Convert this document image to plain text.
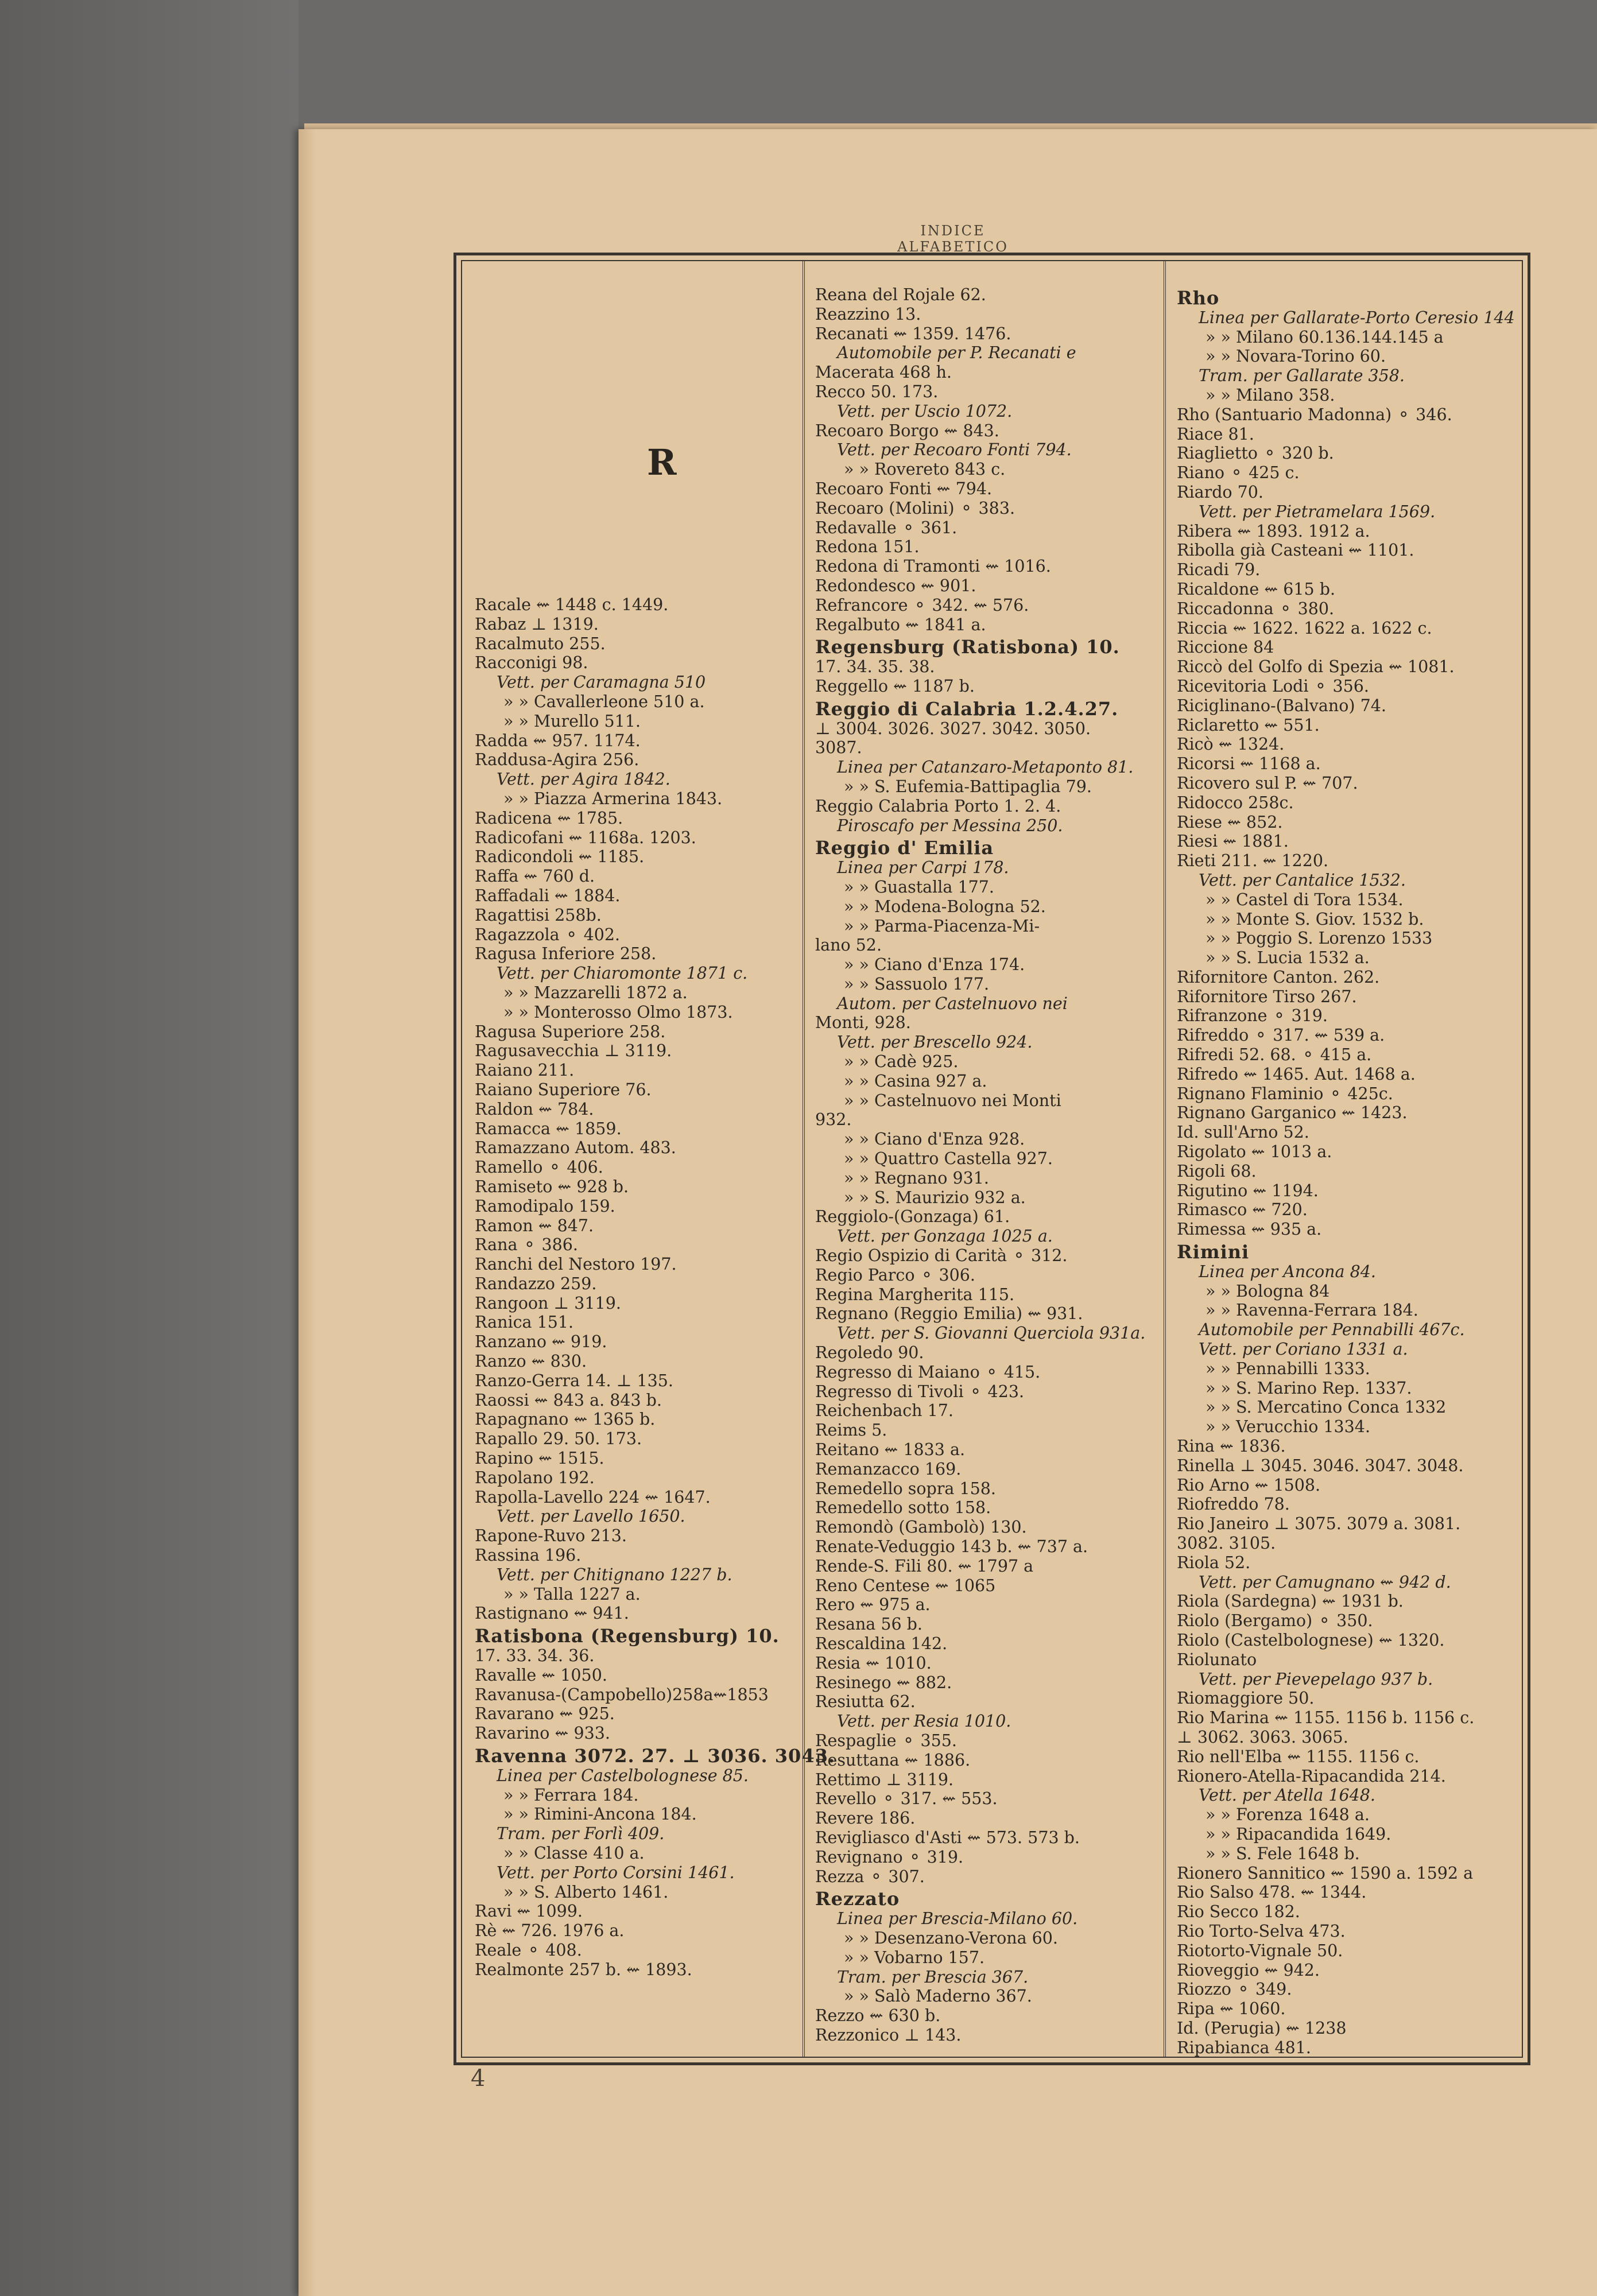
INDICE ALFABETICO
R
Racale ⇜ 1448 c. 1449.
Rabaz ⊥ 1319.
Racalmuto 255.
Racconigi 98.
Vett. per Caramagna 510
» » Cavallerleone 510 a.
» » Murello 511.
Radda ⇜ 957. 1174.
Raddusa-Agira 256.
Vett. per Agira 1842.
» » Piazza Armerina 1843.
Radicena ⇜ 1785.
Radicofani ⇜ 1168a. 1203.
Radicondoli ⇜ 1185.
Raffa ⇜ 760 d.
Raffadali ⇜ 1884.
Ragattisi 258b.
Ragazzola ⚬ 402.
Ragusa Inferiore 258.
Vett. per Chiaromonte 1871 c.
» » Mazzarelli 1872 a.
» » Monterosso Olmo 1873.
Ragusa Superiore 258.
Ragusavecchia ⊥ 3119.
Raiano 211.
Raiano Superiore 76.
Raldon ⇜ 784.
Ramacca ⇜ 1859.
Ramazzano Autom. 483.
Ramello ⚬ 406.
Ramiseto ⇜ 928 b.
Ramodipalo 159.
Ramon ⇜ 847.
Rana ⚬ 386.
Ranchi del Nestoro 197.
Randazzo 259.
Rangoon ⊥ 3119.
Ranica 151.
Ranzano ⇜ 919.
Ranzo ⇜ 830.
Ranzo-Gerra 14. ⊥ 135.
Raossi ⇜ 843 a. 843 b.
Rapagnano ⇜ 1365 b.
Rapallo 29. 50. 173.
Rapino ⇜ 1515.
Rapolano 192.
Rapolla-Lavello 224 ⇜ 1647.
Vett. per Lavello 1650.
Rapone-Ruvo 213.
Rassina 196.
Vett. per Chitignano 1227 b.
» » Talla 1227 a.
Rastignano ⇜ 941.
Ratisbona (Regensburg) 10.
17. 33. 34. 36.
Ravalle ⇜ 1050.
Ravanusa-(Campobello)258a⇜1853
Ravarano ⇜ 925.
Ravarino ⇜ 933.
Ravenna 3072. 27. ⊥ 3036. 3043.
Linea per Castelbolognese 85.
» » Ferrara 184.
» » Rimini-Ancona 184.
Tram. per Forlì 409.
» » Classe 410 a.
Vett. per Porto Corsini 1461.
» » S. Alberto 1461.
Ravi ⇜ 1099.
Rè ⇜ 726. 1976 a.
Reale ⚬ 408.
Realmonte 257 b. ⇜ 1893.
Reana del Rojale 62.
Reazzino 13.
Recanati ⇜ 1359. 1476.
Automobile per P. Recanati e
Macerata 468 h.
Recco 50. 173.
Vett. per Uscio 1072.
Recoaro Borgo ⇜ 843.
Vett. per Recoaro Fonti 794.
» » Rovereto 843 c.
Recoaro Fonti ⇜ 794.
Recoaro (Molini) ⚬ 383.
Redavalle ⚬ 361.
Redona 151.
Redona di Tramonti ⇜ 1016.
Redondesco ⇜ 901.
Refrancore ⚬ 342. ⇜ 576.
Regalbuto ⇜ 1841 a.
Regensburg (Ratisbona) 10.
17. 34. 35. 38.
Reggello ⇜ 1187 b.
Reggio di Calabria 1.2.4.27.
⊥ 3004. 3026. 3027. 3042. 3050.
3087.
Linea per Catanzaro-Metaponto 81.
» » S. Eufemia-Battipaglia 79.
Reggio Calabria Porto 1. 2. 4.
Piroscafo per Messina 250.
Reggio d' Emilia
Linea per Carpi 178.
» » Guastalla 177.
» » Modena-Bologna 52.
» » Parma-Piacenza-Mi-
lano 52.
» » Ciano d'Enza 174.
» » Sassuolo 177.
Autom. per Castelnuovo nei
Monti, 928.
Vett. per Brescello 924.
» » Cadè 925.
» » Casina 927 a.
» » Castelnuovo nei Monti
932.
» » Ciano d'Enza 928.
» » Quattro Castella 927.
» » Regnano 931.
» » S. Maurizio 932 a.
Reggiolo-(Gonzaga) 61.
Vett. per Gonzaga 1025 a.
Regio Ospizio di Carità ⚬ 312.
Regio Parco ⚬ 306.
Regina Margherita 115.
Regnano (Reggio Emilia) ⇜ 931.
Vett. per S. Giovanni Querciola 931a.
Regoledo 90.
Regresso di Maiano ⚬ 415.
Regresso di Tivoli ⚬ 423.
Reichenbach 17.
Reims 5.
Reitano ⇜ 1833 a.
Remanzacco 169.
Remedello sopra 158.
Remedello sotto 158.
Remondò (Gambolò) 130.
Renate-Veduggio 143 b. ⇜ 737 a.
Rende-S. Fili 80. ⇜ 1797 a
Reno Centese ⇜ 1065
Rero ⇜ 975 a.
Resana 56 b.
Rescaldina 142.
Resia ⇜ 1010.
Resinego ⇜ 882.
Resiutta 62.
Vett. per Resia 1010.
Respaglie ⚬ 355.
Resuttana ⇜ 1886.
Rettimo ⊥ 3119.
Revello ⚬ 317. ⇜ 553.
Revere 186.
Revigliasco d'Asti ⇜ 573. 573 b.
Revignano ⚬ 319.
Rezza ⚬ 307.
Rezzato
Linea per Brescia-Milano 60.
» » Desenzano-Verona 60.
» » Vobarno 157.
Tram. per Brescia 367.
» » Salò Maderno 367.
Rezzo ⇜ 630 b.
Rezzonico ⊥ 143.
Rho
Linea per Gallarate-Porto Ceresio 144
» » Milano 60.136.144.145 a
» » Novara-Torino 60.
Tram. per Gallarate 358.
» » Milano 358.
Rho (Santuario Madonna) ⚬ 346.
Riace 81.
Riaglietto ⚬ 320 b.
Riano ⚬ 425 c.
Riardo 70.
Vett. per Pietramelara 1569.
Ribera ⇜ 1893. 1912 a.
Ribolla già Casteani ⇜ 1101.
Ricadi 79.
Ricaldone ⇜ 615 b.
Riccadonna ⚬ 380.
Riccia ⇜ 1622. 1622 a. 1622 c.
Riccione 84
Riccò del Golfo di Spezia ⇜ 1081.
Ricevitoria Lodi ⚬ 356.
Riciglinano-(Balvano) 74.
Riclaretto ⇜ 551.
Ricò ⇜ 1324.
Ricorsi ⇜ 1168 a.
Ricovero sul P. ⇜ 707.
Ridocco 258c.
Riese ⇜ 852.
Riesi ⇜ 1881.
Rieti 211. ⇜ 1220.
Vett. per Cantalice 1532.
» » Castel di Tora 1534.
» » Monte S. Giov. 1532 b.
» » Poggio S. Lorenzo 1533
» » S. Lucia 1532 a.
Rifornitore Canton. 262.
Rifornitore Tirso 267.
Rifranzone ⚬ 319.
Rifreddo ⚬ 317. ⇜ 539 a.
Rifredi 52. 68. ⚬ 415 a.
Rifredo ⇜ 1465. Aut. 1468 a.
Rignano Flaminio ⚬ 425c.
Rignano Garganico ⇜ 1423.
Id. sull'Arno 52.
Rigolato ⇜ 1013 a.
Rigoli 68.
Rigutino ⇜ 1194.
Rimasco ⇜ 720.
Rimessa ⇜ 935 a.
Rimini
Linea per Ancona 84.
» » Bologna 84
» » Ravenna-Ferrara 184.
Automobile per Pennabilli 467c.
Vett. per Coriano 1331 a.
» » Pennabilli 1333.
» » S. Marino Rep. 1337.
» » S. Mercatino Conca 1332
» » Verucchio 1334.
Rina ⇜ 1836.
Rinella ⊥ 3045. 3046. 3047. 3048.
Rio Arno ⇜ 1508.
Riofreddo 78.
Rio Janeiro ⊥ 3075. 3079 a. 3081.
3082. 3105.
Riola 52.
Vett. per Camugnano ⇜ 942 d.
Riola (Sardegna) ⇜ 1931 b.
Riolo (Bergamo) ⚬ 350.
Riolo (Castelbolognese) ⇜ 1320.
Riolunato
Vett. per Pievepelago 937 b.
Riomaggiore 50.
Rio Marina ⇜ 1155. 1156 b. 1156 c.
⊥ 3062. 3063. 3065.
Rio nell'Elba ⇜ 1155. 1156 c.
Rionero-Atella-Ripacandida 214.
Vett. per Atella 1648.
» » Forenza 1648 a.
» » Ripacandida 1649.
» » S. Fele 1648 b.
Rionero Sannitico ⇜ 1590 a. 1592 a
Rio Salso 478. ⇜ 1344.
Rio Secco 182.
Rio Torto-Selva 473.
Riotorto-Vignale 50.
Rioveggio ⇜ 942.
Riozzo ⚬ 349.
Ripa ⇜ 1060.
Id. (Perugia) ⇜ 1238
Ripabianca 481.
4
